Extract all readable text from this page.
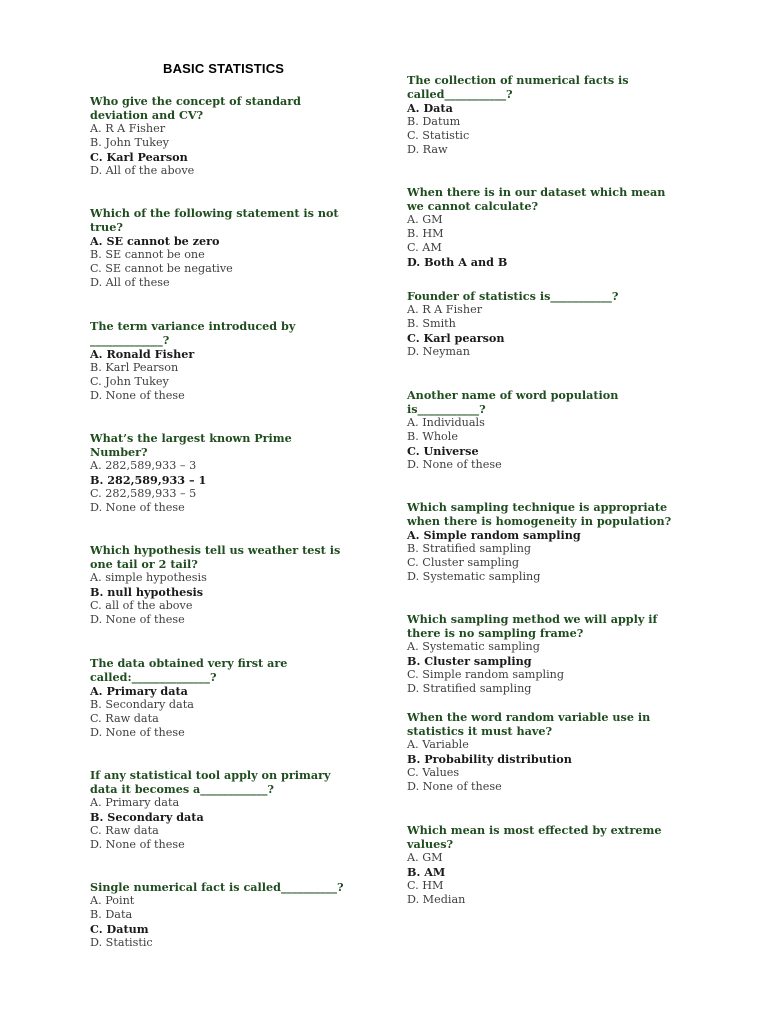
BASIC STATISTICS

Who give the concept of standard

deviation and CV?

A. R A Fisher

B. John Tukey

C. Karl Pearson

D. All of the above

Which of the following statement is not

true?

A. SE cannot be zero

B. SE cannot be one

C. SE cannot be negative

D. All of these

The term variance introduced by

_____________?

A. Ronald Fisher

B. Karl Pearson

C. John Tukey

D. None of these

What’s the largest known Prime

Number?

A. 282,589,933 – 3

B. 282,589,933 – 1

C. 282,589,933 – 5

D. None of these

Which hypothesis tell us weather test is

one tail or 2 tail?

A. simple hypothesis

B. null hypothesis

C. all of the above

D. None of these

The data obtained very first are

called:______________?

A. Primary data

B. Secondary data

C. Raw data

D. None of these

If any statistical tool apply on primary

data it becomes a____________?

A. Primary data

B. Secondary data

C. Raw data

D. None of these

Single numerical fact is called__________?

A. Point

B. Data

C. Datum

D. Statistic

The collection of numerical facts is

called___________?

A. Data

B. Datum

C. Statistic

D. Raw

When there is in our dataset which mean

we cannot calculate?

A. GM

B. HM

C. AM

D. Both A and B

Founder of statistics is___________?

A. R A Fisher

B. Smith

C. Karl pearson

D. Neyman

Another name of word population

is___________?

A. Individuals

B. Whole

C. Universe

D. None of these

Which sampling technique is appropriate

when there is homogeneity in population?

A. Simple random sampling

B. Stratified sampling

C. Cluster sampling

D. Systematic sampling

Which sampling method we will apply if

there is no sampling frame?

A. Systematic sampling

B. Cluster sampling

C. Simple random sampling

D. Stratified sampling

When the word random variable use in

statistics it must have?

A. Variable

B. Probability distribution

C. Values

D. None of these

Which mean is most effected by extreme

values?

A. GM

B. AM

C. HM

D. Median
